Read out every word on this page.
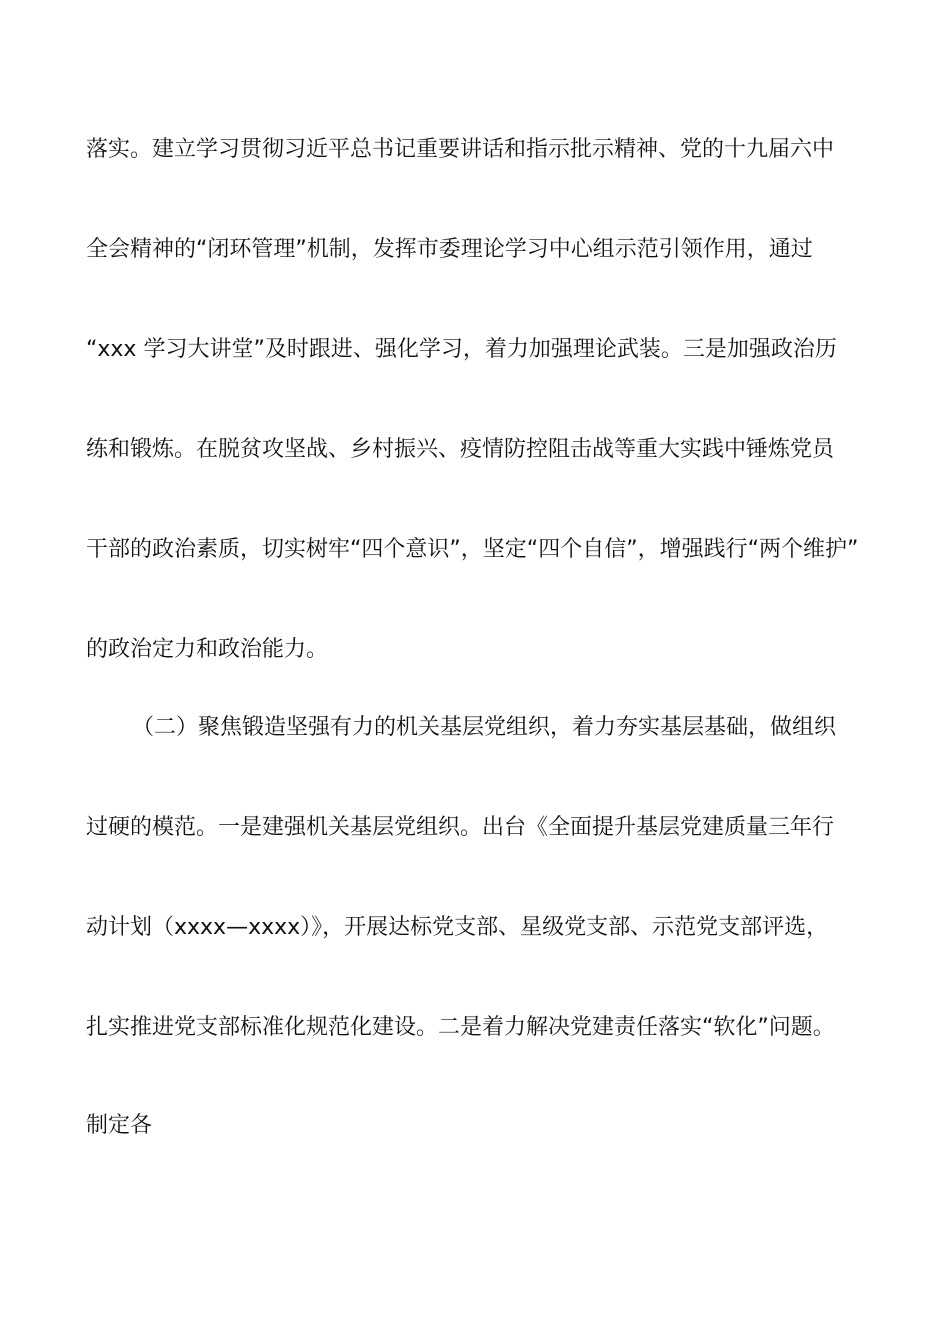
落实。建立学习贯彻习近平总书记重要讲话和指示批示精神、党的十九届六中
全会精神的“闭环管理”机制，发挥市委理论学习中心组示范引领作用，通过
“xxx 学习大讲堂”及时跟进、强化学习，着力加强理论武装。三是加强政治历
练和锻炼。在脱贫攻坚战、乡村振兴、疫情防控阻击战等重大实践中锤炼党员
干部的政治素质，切实树牢“四个意识”，坚定“四个自信”，增强践行“两个维护”
的政治定力和政治能力。
（二）聚焦锻造坚强有力的机关基层党组织，着力夯实基层基础，做组织
过硬的模范。一是建强机关基层党组织。出台《全面提升基层党建质量三年行
动计划（xxxx—xxxx）》，开展达标党支部、星级党支部、示范党支部评选，
扎实推进党支部标准化规范化建设。二是着力解决党建责任落实“软化”问题。
制定各
